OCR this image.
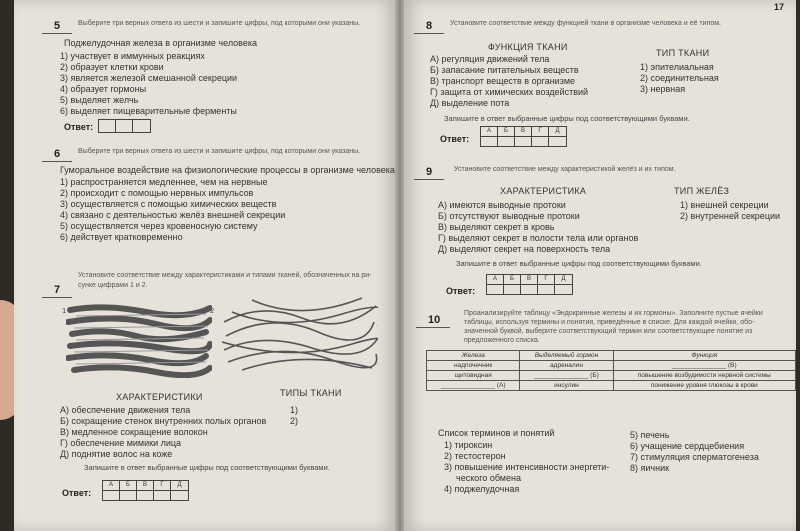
5	Выберите три верных ответа из шести и запишите цифры, под которыми они указаны.
Поджелудочная железа в организме человека
1) участвует в иммунных реакциях
2) образует клетки крови
3) является железой смешанной секреции
4) образует гормоны
5) выделяет желчь
6) выделяет пищеварительные ферменты
Ответ:
6	Выберите три верных ответа из шести и запишите цифры, под которыми они указаны.
Гуморальное воздействие на физиологические процессы в организме человека
1) распространяется медленнее, чем на нервные
2) происходит с помощью нервных импульсов
3) осуществляется с помощью химических веществ
4) связано с деятельностью желёз внешней секреции
5) осуществляется через кровеносную систему
6) действует кратковременно
7
Установите соответствие между характеристиками и типами тканей, обозначенных на ри-
сунке цифрами 1 и 2.
1	2
ХАРАКТЕРИСТИКИ	ТИПЫ ТКАНИ
А) обеспечение движения тела
Б) сокращение стенок внутренних полых органов
В) медленное сокращение волокон
Г) обеспечение мимики лица
Д) поднятие волос на коже
1)
2)
Запишите в ответ выбранные цифры под соответствующими буквами.
Ответ:
А	Б	В	Г	Д
17
8	Установите соответствие между функцией ткани в организме человека и её типом.
ФУНКЦИЯ ТКАНИ
ТИП ТКАНИ
А) регуляция движений тела
Б) запасание питательных веществ
В) транспорт веществ в организме
Г) защита от химических воздействий
Д) выделение пота
1) эпителиальная
2) соединительная
3) нервная
Запишите в ответ выбранные цифры под соответствующими буквами.
Ответ:
А	Б	В	Г	Д
9	Установите соответствие между характеристикой желёз и их типом.
ХАРАКТЕРИСТИКА	ТИП ЖЕЛЁЗ
А) имеются выводные протоки
Б) отсутствуют выводные протоки
В) выделяют секрет в кровь
Г) выделяют секрет в полости тела или органов
Д) выделяют секрет на поверхность тела
1) внешней секреции
2) внутренней секреции
Запишите в ответ выбранные цифры под соответствующими буквами.
Ответ:
А	Б	В	Г	Д
10
Проанализируйте таблицу «Эндокринные железы и их гормоны». Заполните пустые ячейки
таблицы, используя термины и понятия, приведённые в списке. Для каждой ячейки, обо-
значенной буквой, выберите соответствующий термин или соответствующее понятие из
предложенного списка.
Железа	Выделяемый гормон	Функция
надпочечник	адреналин	_______________ (В)
щитовидная	_______________ (Б)	повышение возбудимости нервной системы
_______________ (А)	инсулин	понижение уровня глюкозы в крови
Список терминов и понятий
1) тироксин
2) тестостерон
3) повышение интенсивности энергети-
ческого обмена
4) поджелудочная
5) печень
6) учащение сердцебиения
7) стимуляция сперматогенеза
8) яичник
